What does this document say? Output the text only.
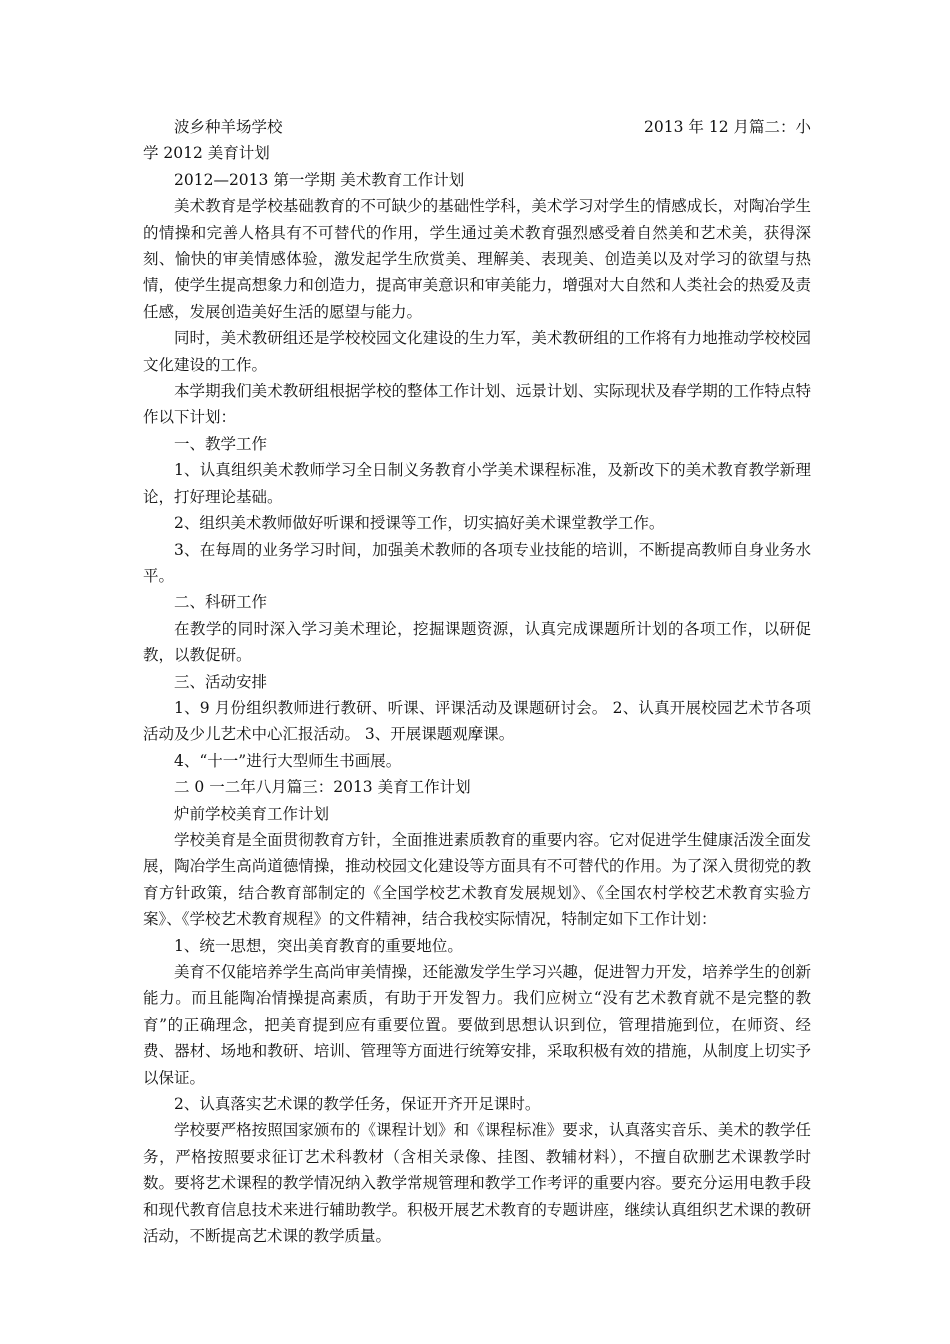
波乡种羊场学校	2013 年 12 月篇二：小

学 2012 美育计划

2012—2013 第一学期 美术教育工作计划

美术教育是学校基础教育的不可缺少的基础性学科，美术学习对学生的情感成长，对陶冶学生的情操和完善人格具有不可替代的作用，学生通过美术教育强烈感受着自然美和艺术美，获得深刻、愉快的审美情感体验，激发起学生欣赏美、理解美、表现美、创造美以及对学习的欲望与热情，使学生提高想象力和创造力，提高审美意识和审美能力，增强对大自然和人类社会的热爱及责任感，发展创造美好生活的愿望与能力。

同时，美术教研组还是学校校园文化建设的生力军，美术教研组的工作将有力地推动学校校园文化建设的工作。

本学期我们美术教研组根据学校的整体工作计划、远景计划、实际现状及春学期的工作特点特作以下计划：

一、教学工作

1、认真组织美术教师学习全日制义务教育小学美术课程标准，及新改下的美术教育教学新理论，打好理论基础。

2、组织美术教师做好听课和授课等工作，切实搞好美术课堂教学工作。

3、在每周的业务学习时间，加强美术教师的各项专业技能的培训，不断提高教师自身业务水平。

二、科研工作

在教学的同时深入学习美术理论，挖掘课题资源，认真完成课题所计划的各项工作，以研促教，以教促研。

三、活动安排

1、9 月份组织教师进行教研、听课、评课活动及课题研讨会。 2、认真开展校园艺术节各项活动及少儿艺术中心汇报活动。 3、开展课题观摩课。

4、“十一”进行大型师生书画展。

二 0 一二年八月篇三：2013 美育工作计划

炉前学校美育工作计划

学校美育是全面贯彻教育方针，全面推进素质教育的重要内容。它对促进学生健康活泼全面发展，陶冶学生高尚道德情操，推动校园文化建设等方面具有不可替代的作用。为了深入贯彻党的教育方针政策，结合教育部制定的《全国学校艺术教育发展规划》、《全国农村学校艺术教育实验方案》、《学校艺术教育规程》的文件精神，结合我校实际情况，特制定如下工作计划：

1、统一思想，突出美育教育的重要地位。

美育不仅能培养学生高尚审美情操，还能激发学生学习兴趣，促进智力开发，培养学生的创新能力。而且能陶冶情操提高素质，有助于开发智力。我们应树立“没有艺术教育就不是完整的教育”的正确理念，把美育提到应有重要位置。要做到思想认识到位，管理措施到位，在师资、经费、器材、场地和教研、培训、管理等方面进行统筹安排，采取积极有效的措施，从制度上切实予以保证。

2、认真落实艺术课的教学任务，保证开齐开足课时。

学校要严格按照国家颁布的《课程计划》和《课程标准》要求，认真落实音乐、美术的教学任务，严格按照要求征订艺术科教材（含相关录像、挂图、教辅材料），不擅自砍删艺术课教学时数。要将艺术课程的教学情况纳入教学常规管理和教学工作考评的重要内容。要充分运用电教手段和现代教育信息技术来进行辅助教学。积极开展艺术教育的专题讲座，继续认真组织艺术课的教研活动，不断提高艺术课的教学质量。
